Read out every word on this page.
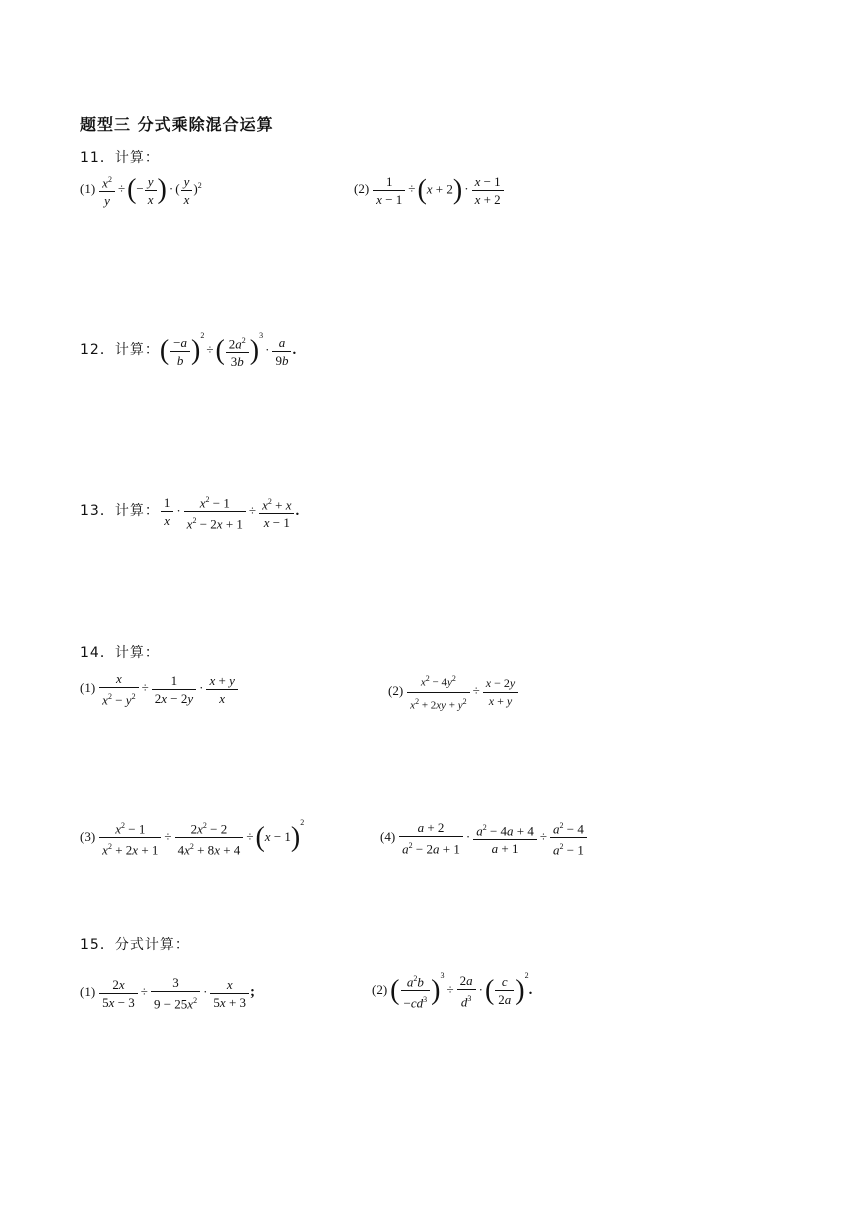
题型三 分式乘除混合运算
11．计算：
$(1) \frac{x^2}{y}$ ÷(− $\frac{y}{x}$ ) · ( $\frac{y}{x} )^2$	$(2) \frac{1}{x - 1} \div(x + 2) \cdot \frac{x - 1}{x + 2}$
12．计算：( $\frac{-a}{b} )^2\div( \frac{2a^2}{3b} )^3\cdot \frac{a}{9b}$ .
13．计算： $\frac{1}{x} \cdot \frac{x^2 - 1}{x^2 - 2x + 1} \div \frac{x^2 + x}{x - 1}$ .
14．计算：
$(1) \frac{x}{x^2 - y^2} \div \frac{1}{2x - 2y} \cdot \frac{x + y}{x}$	$(2) \frac{x^2 - 4y^2}{x^2 + 2xy + y^2} \div \frac{x - 2y}{x + y}$
$(3) \frac{x^2 - 1}{x^2 + 2x + 1} \div \frac{2x^2 - 2}{4x^2 + 8x + 4} \div(x - 1)^2$
$(4) \frac{a + 2}{a^2 - 2a + 1} \cdot \frac{a^2 - 4a + 4}{a + 1} \div \frac{a^2 - 4}{a^2 - 1}$
15．分式计算：
$(1) \frac{2x}{5x - 3} \div \frac{3}{9 - 25x^2} \cdot \frac{x}{5x + 3}$ ;	(2) ( $\frac{a^2b}{-cd^3} )^3\div \frac{2a}{d^3}$ ·( $\frac{c}{2a} )^2$.
